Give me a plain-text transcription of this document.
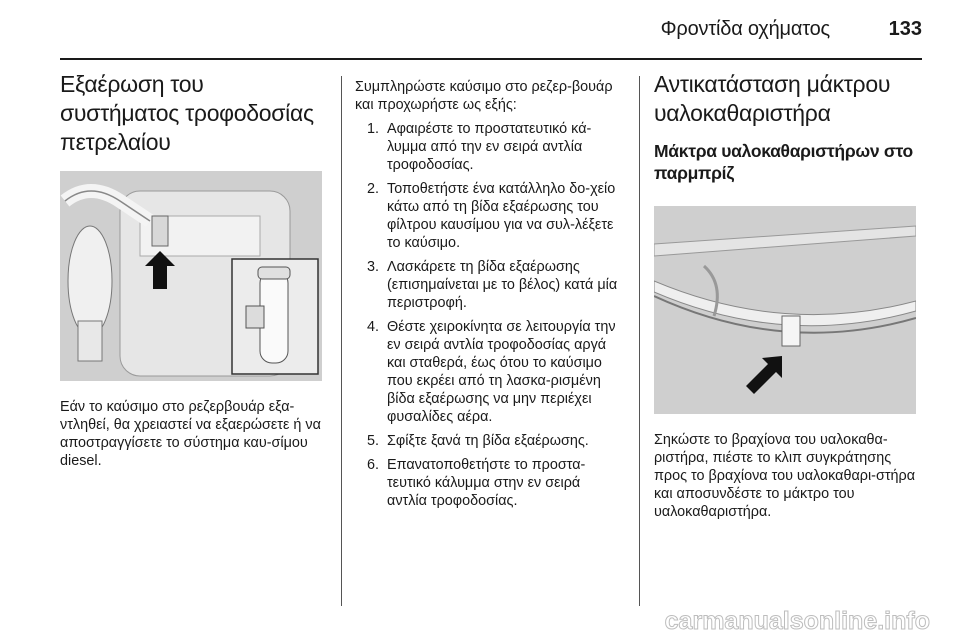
Φροντίδα οχήματος	133
Εξαέρωση του συστήματος τροφοδοσίας πετρελαίου

Εάν το καύσιμο στο ρεζερβουάρ εξα-ντληθεί, θα χρειαστεί να εξαερώσετε ή να αποστραγγίσετε το σύστημα καυ-σίμου diesel.

Συμπληρώστε καύσιμο στο ρεζερ-βουάρ και προχωρήστε ως εξής:

1. Αφαιρέστε το προστατευτικό κά-λυμμα από την εν σειρά αντλία τροφοδοσίας.
2. Τοποθετήστε ένα κατάλληλο δο-χείο κάτω από τη βίδα εξαέρωσης του φίλτρου καυσίμου για να συλ-λέξετε το καύσιμο.
3. Λασκάρετε τη βίδα εξαέρωσης (επισημαίνεται με το βέλος) κατά μία περιστροφή.
4. Θέστε χειροκίνητα σε λειτουργία την εν σειρά αντλία τροφοδοσίας αργά και σταθερά, έως ότου το καύσιμο που εκρέει από τη λασκα-ρισμένη βίδα εξαέρωσης να μην περιέχει φυσαλίδες αέρα.
5. Σφίξτε ξανά τη βίδα εξαέρωσης.
6. Επανατοποθετήστε το προστα-τευτικό κάλυμμα στην εν σειρά αντλία τροφοδοσίας.
Αντικατάσταση μάκτρου υαλοκαθαριστήρα
Μάκτρα υαλοκαθαριστήρων στο παρμπρίζ

Σηκώστε το βραχίονα του υαλοκαθα-ριστήρα, πιέστε το κλιπ συγκράτησης προς το βραχίονα του υαλοκαθαρι-στήρα και αποσυνδέστε το μάκτρο του υαλοκαθαριστήρα.

carmanualsonline.info
